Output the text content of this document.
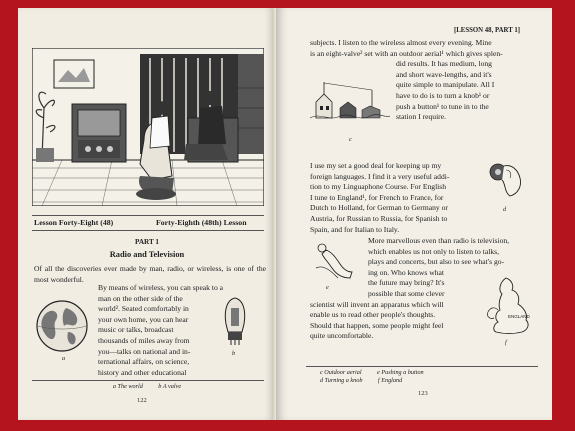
Lesson Forty-Eight (48)	Forty-Eighth (48th) Lesson
PART 1
Radio and Television
Of all the discoveries ever made by man, radio, or wireless, is one of the most wonderful.
a
By means of wireless, you can speak to a
man on the other side of the
world². Seated comfortably in
your own home, you can hear
music or talks, broadcast
thousands of miles away from
you—talks on national and in-
ternational affairs, on science,
history and other educational
b
a The world          b A valve
122
[LESSON 48, PART 1]
subjects. I listen to the wireless almost every evening. Mine
is an eight-valve² set with an outdoor aerial¹ which gives splen-
did results. It has medium, long
and short wave-lengths, and it's
quite simple to manipulate. All I
have to do is to turn a knob¹ or
push a button¹ to tune in to the
station I require.
c
I use my set a good deal for keeping up my
foreign languages. I find it a very useful addi-
tion to my Linguaphone Course. For English
I tune to England¹, for French to France, for
Dutch to Holland, for German to Germany or
Austria, for Russian to Russia, for Spanish to
Spain, and for Italian to Italy.
d
e
More marvellous even than radio is television,
which enables us not only to listen to talks,
plays and concerts, but also to see what's go-
ing on. Who knows what
the future may bring? It's
possible that some clever
scientist will invent an apparatus which will
enable us to read other people's thoughts.
Should that happen, some people might feel
quite uncomfortable.
ENGLAND
f
c Outdoor aerial          e Pushing a button
d Turning a knob          f England
123
